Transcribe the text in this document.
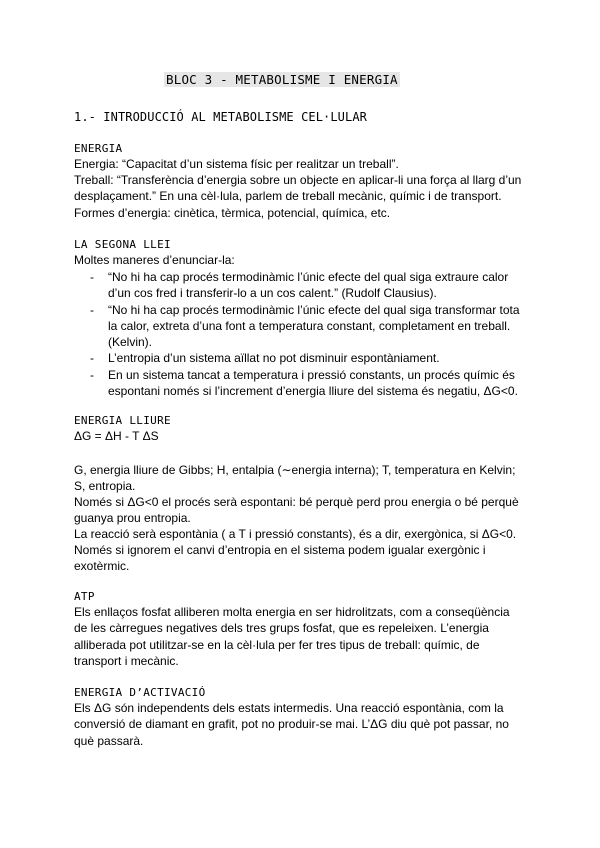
BLOC 3 - METABOLISME I ENERGIA
1.- INTRODUCCIÓ AL METABOLISME CEL·LULAR
ENERGIA
Energia: “Capacitat d’un sistema físic per realitzar un treball”.
Treball: “Transferència d’energia sobre un objecte en aplicar-li una força al llarg d’un
desplaçament.” En una cèl·lula, parlem de treball mecànic, químic i de transport.
Formes d’energia: cinètica, tèrmica, potencial, química, etc.
LA SEGONA LLEI
Moltes maneres d’enunciar-la:
- “No hi ha cap procés termodinàmic l’únic efecte del qual siga extraure calor
d’un cos fred i transferir-lo a un cos calent.” (Rudolf Clausius).
- “No hi ha cap procés termodinàmic l’únic efecte del qual siga transformar tota
la calor, extreta d’una font a temperatura constant, completament en treball.
(Kelvin).
- L’entropia d’un sistema aïllat no pot disminuir espontàniament.
- En un sistema tancat a temperatura i pressió constants, un procés químic és
espontani només si l’increment d’energia lliure del sistema és negatiu, ΔG<0.
ENERGIA LLIURE
ΔG = ΔH - T ΔS
G, energia lliure de Gibbs; H, entalpia (∼energia interna); T, temperatura en Kelvin;
S, entropia.
Només si ΔG<0 el procés serà espontani: bé perquè perd prou energia o bé perquè
guanya prou entropia.
La reacció serà espontània ( a T i pressió constants), és a dir, exergònica, si ΔG<0.
Només si ignorem el canvi d’entropia en el sistema podem igualar exergònic i
exotèrmic.
ATP
Els enllaços fosfat alliberen molta energia en ser hidrolitzats, com a conseqüència
de les càrregues negatives dels tres grups fosfat, que es repeleixen. L’energia
alliberada pot utilitzar-se en la cèl·lula per fer tres tipus de treball: químic, de
transport i mecànic.
ENERGIA D’ACTIVACIÓ
Els ΔG són independents dels estats intermedis. Una reacció espontània, com la
conversió de diamant en grafit, pot no produir-se mai. L’ΔG diu què pot passar, no
què passarà.
